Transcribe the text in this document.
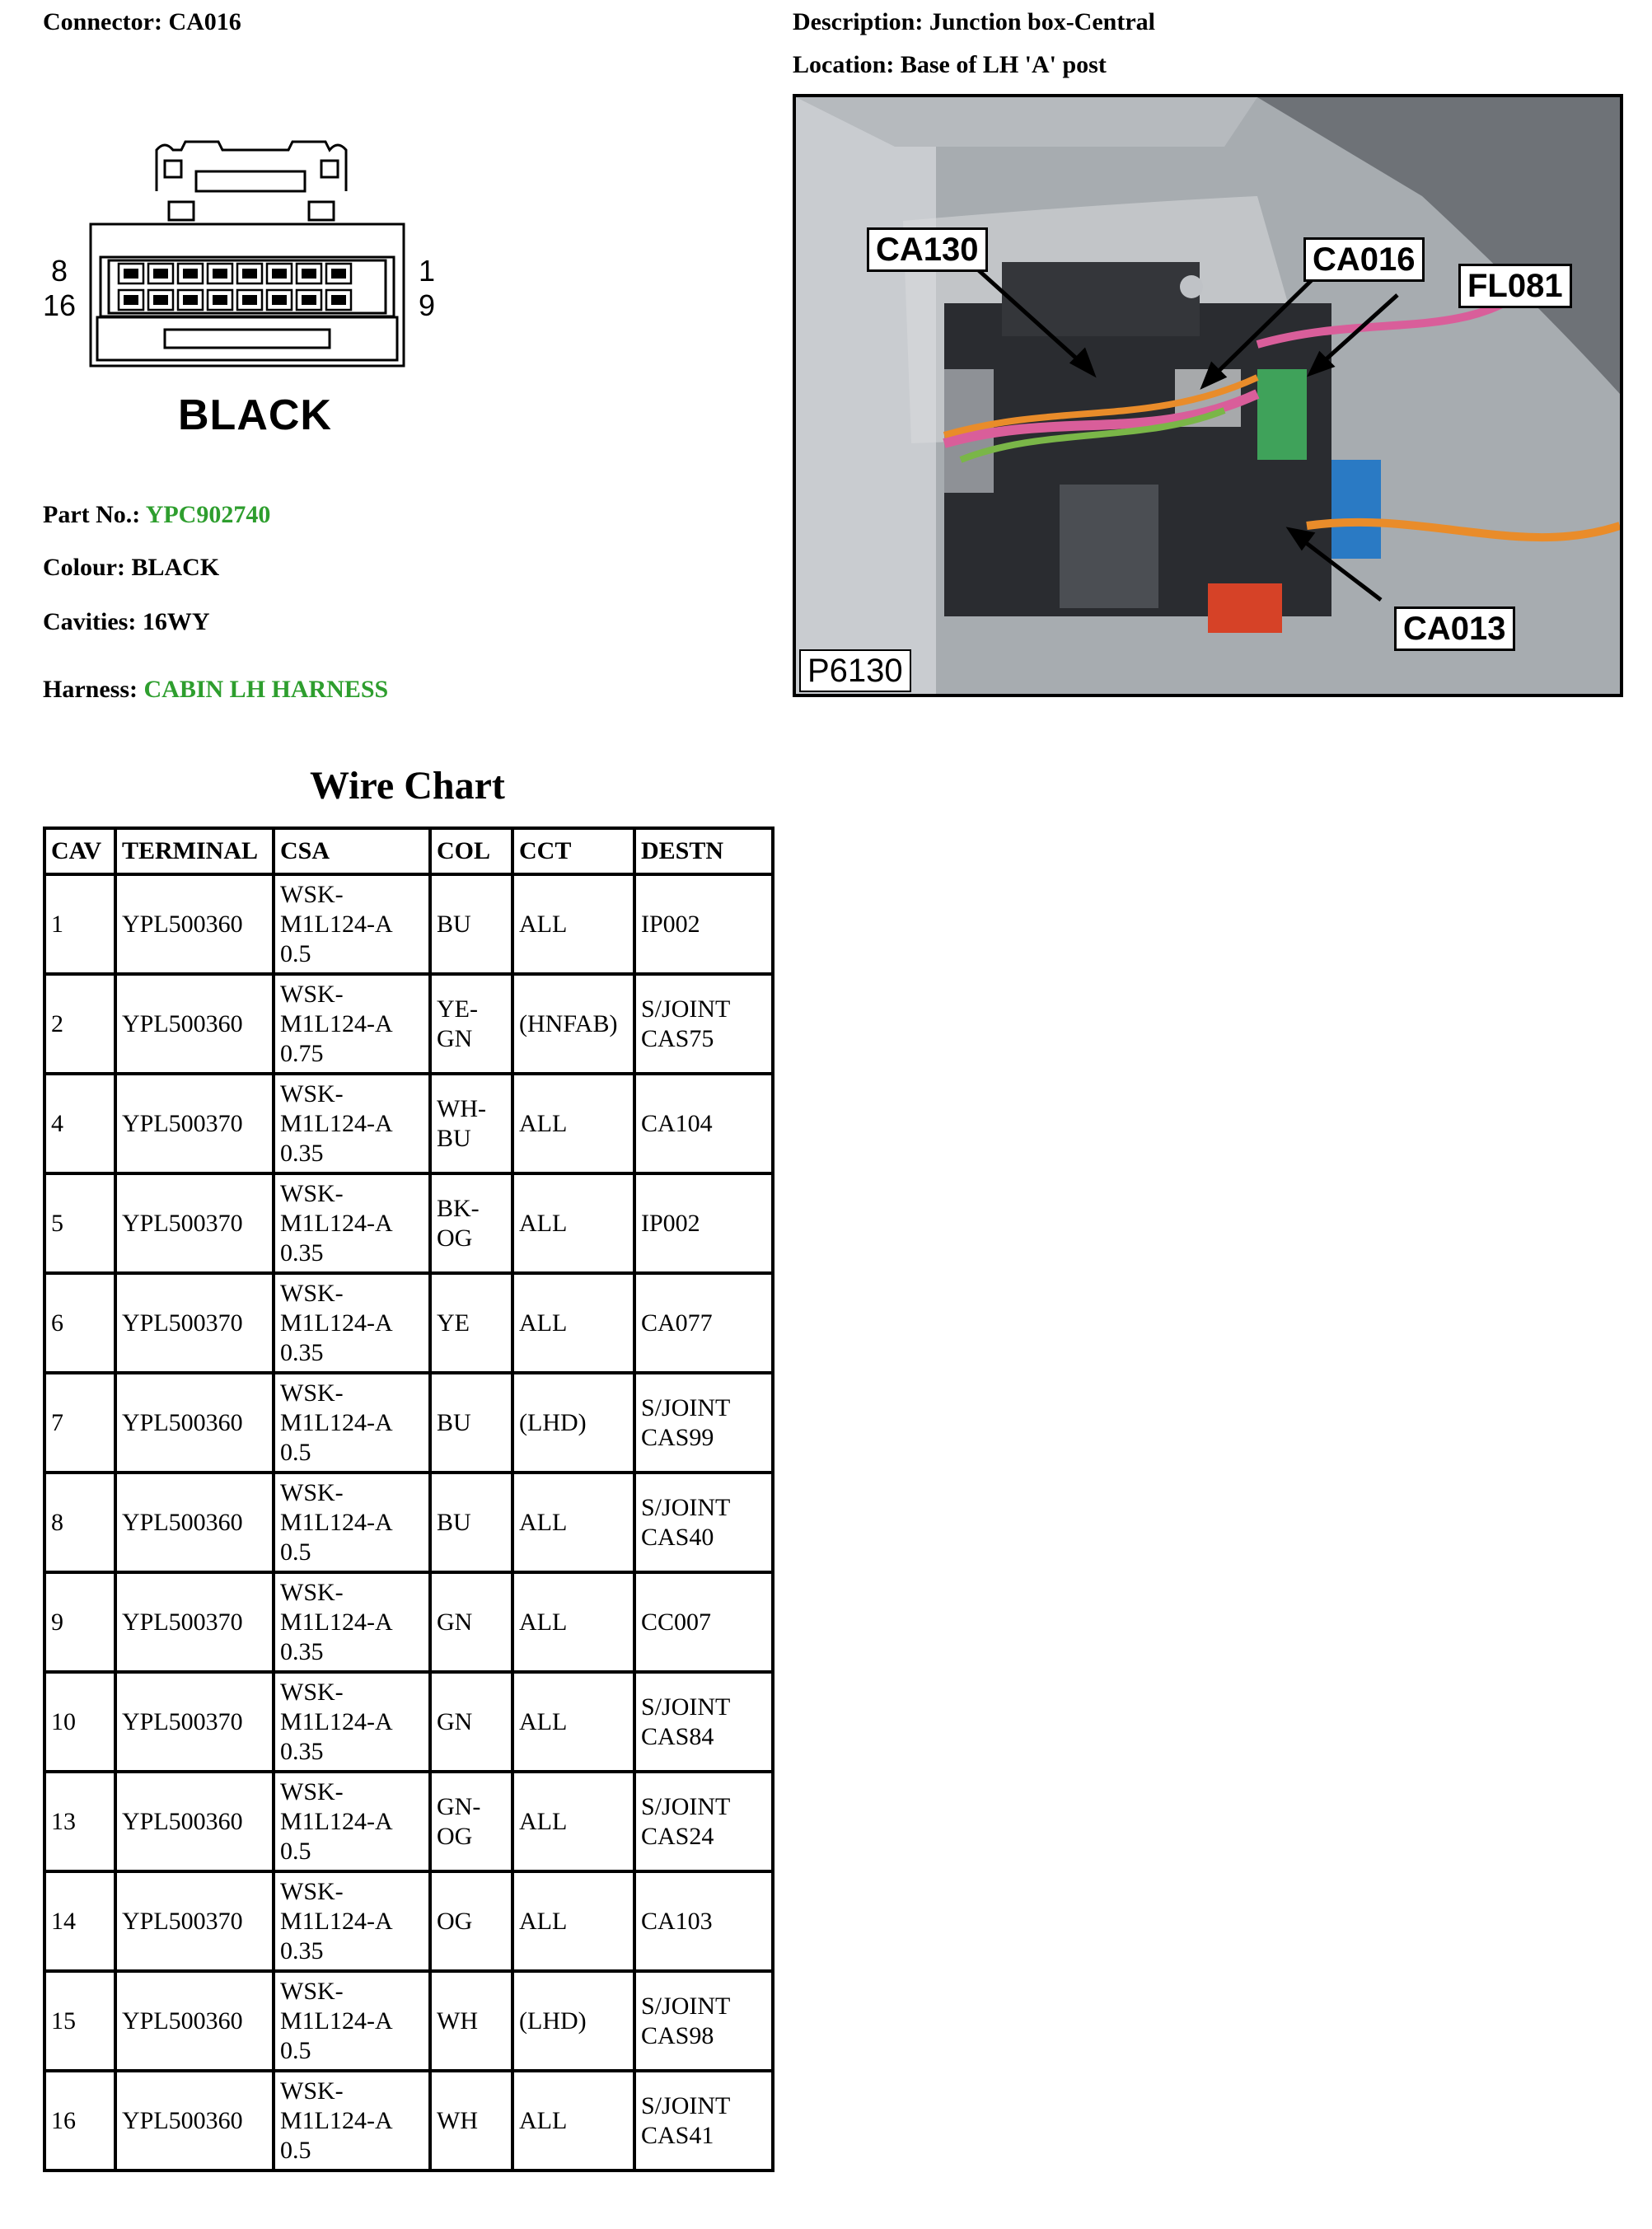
Connector: CA016	Description: Junction box-Central
Location: Base of LH 'A' post
8
16
1
9
BLACK
Part No.: YPC902740
Colour: BLACK
Cavities: 16WY
Harness: CABIN LH HARNESS
CA130	CA016
FL081
CA013
P6130
Wire Chart
CAV	TERMINAL	CSA	COL	CCT	DESTN
1	YPL500360	WSK-
M1L124-A
0.5	BU	ALL	IP002

2	YPL500360	WSK-
M1L124-A
0.75	YE-
GN	(HNFAB)	S/JOINT
CAS75

4	YPL500370	WSK-
M1L124-A
0.35	WH-
BU	ALL	CA104

5	YPL500370	WSK-
M1L124-A
0.35	BK-
OG	ALL	IP002

6	YPL500370	WSK-
M1L124-A
0.35	YE	ALL	CA077

7	YPL500360	WSK-
M1L124-A
0.5	BU	(LHD)	S/JOINT
CAS99

8	YPL500360	WSK-
M1L124-A
0.5	BU	ALL	S/JOINT
CAS40

9	YPL500370	WSK-
M1L124-A
0.35	GN	ALL	CC007

10	YPL500370	WSK-
M1L124-A
0.35	GN	ALL	S/JOINT
CAS84

13	YPL500360	WSK-
M1L124-A
0.5	GN-
OG	ALL	S/JOINT
CAS24

14	YPL500370	WSK-
M1L124-A
0.35	OG	ALL	CA103

15	YPL500360	WSK-
M1L124-A
0.5	WH	(LHD)	S/JOINT
CAS98

16	YPL500360	WSK-
M1L124-A
0.5	WH	ALL	S/JOINT
CAS41
